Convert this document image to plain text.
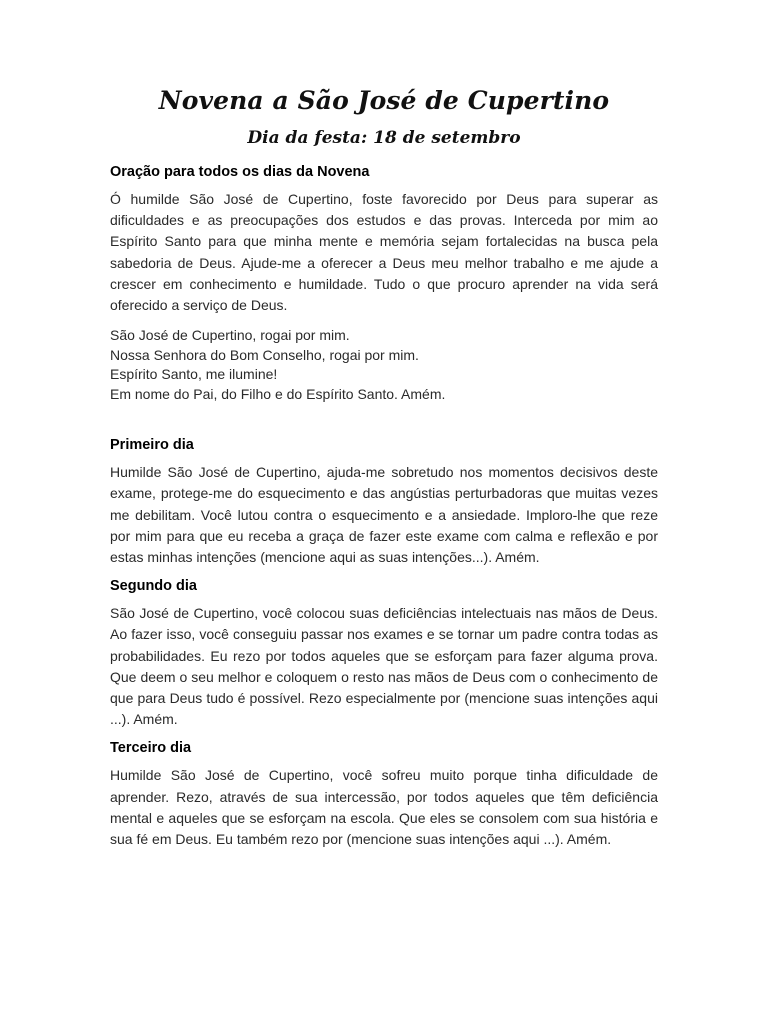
Novena a São José de Cupertino
Dia da festa: 18 de setembro
Oração para todos os dias da Novena

Ó humilde São José de Cupertino, foste favorecido por Deus para superar as dificuldades e as preocupações dos estudos e das provas. Interceda por mim ao Espírito Santo para que minha mente e memória sejam fortalecidas na busca pela sabedoria de Deus. Ajude-me a oferecer a Deus meu melhor trabalho e me ajude a crescer em conhecimento e humildade. Tudo o que procuro aprender na vida será oferecido a serviço de Deus.

São José de Cupertino, rogai por mim.
Nossa Senhora do Bom Conselho, rogai por mim.
Espírito Santo, me ilumine!
Em nome do Pai, do Filho e do Espírito Santo. Amém.
Primeiro dia

Humilde São José de Cupertino, ajuda-me sobretudo nos momentos decisivos deste exame, protege-me do esquecimento e das angústias perturbadoras que muitas vezes me debilitam. Você lutou contra o esquecimento e a ansiedade. Imploro-lhe que reze por mim para que eu receba a graça de fazer este exame com calma e reflexão e por estas minhas intenções (mencione aqui as suas intenções...). Amém.

Segundo dia

São José de Cupertino, você colocou suas deficiências intelectuais nas mãos de Deus. Ao fazer isso, você conseguiu passar nos exames e se tornar um padre contra todas as probabilidades. Eu rezo por todos aqueles que se esforçam para fazer alguma prova. Que deem o seu melhor e coloquem o resto nas mãos de Deus com o conhecimento de que para Deus tudo é possível. Rezo especialmente por (mencione suas intenções aqui ...). Amém.

Terceiro dia

Humilde São José de Cupertino, você sofreu muito porque tinha dificuldade de aprender. Rezo, através de sua intercessão, por todos aqueles que têm deficiência mental e aqueles que se esforçam na escola. Que eles se consolem com sua história e sua fé em Deus. Eu também rezo por (mencione suas intenções aqui ...). Amém.
